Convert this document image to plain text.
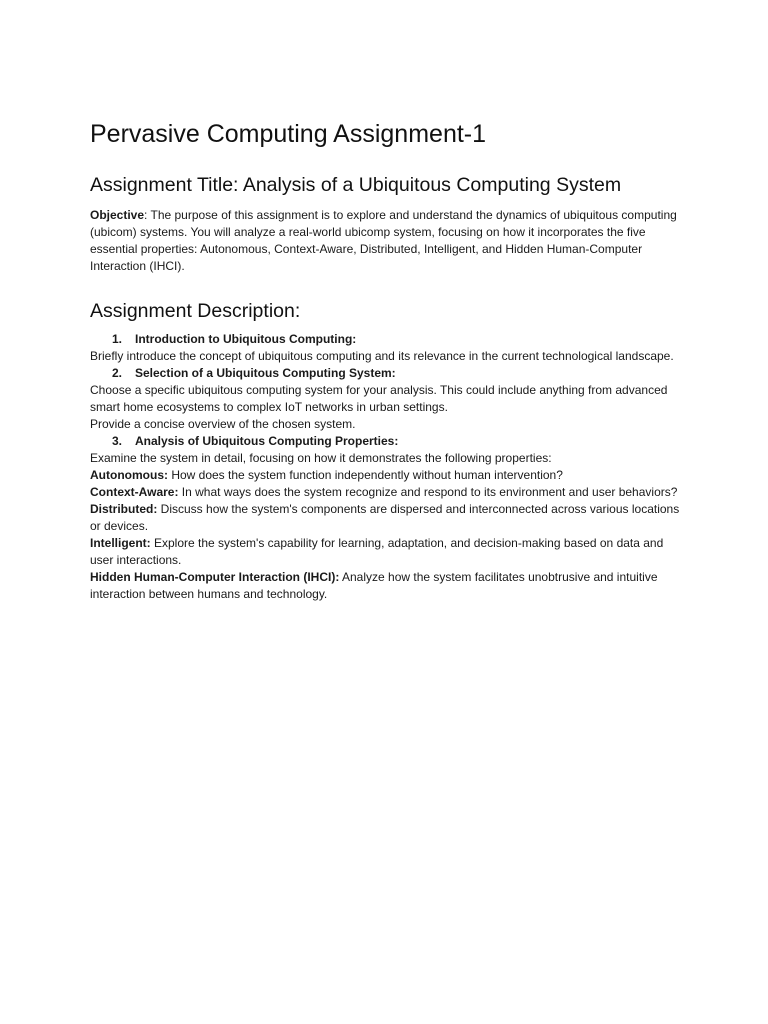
Pervasive Computing Assignment-1
Assignment Title: Analysis of a Ubiquitous Computing System

Objective: The purpose of this assignment is to explore and understand the dynamics of ubiquitous computing (ubicom) systems. You will analyze a real-world ubicomp system, focusing on how it incorporates the five essential properties: Autonomous, Context-Aware, Distributed, Intelligent, and Hidden Human-Computer Interaction (IHCI).

Assignment Description:

1. Introduction to Ubiquitous Computing:

Briefly introduce the concept of ubiquitous computing and its relevance in the current technological landscape.

2. Selection of a Ubiquitous Computing System:

Choose a specific ubiquitous computing system for your analysis. This could include anything from advanced smart home ecosystems to complex IoT networks in urban settings.

Provide a concise overview of the chosen system.

3. Analysis of Ubiquitous Computing Properties:

Examine the system in detail, focusing on how it demonstrates the following properties:

Autonomous: How does the system function independently without human intervention?

Context-Aware: In what ways does the system recognize and respond to its environment and user behaviors?

Distributed: Discuss how the system's components are dispersed and interconnected across various locations or devices.

Intelligent: Explore the system's capability for learning, adaptation, and decision-making based on data and user interactions.

Hidden Human-Computer Interaction (IHCI): Analyze how the system facilitates unobtrusive and intuitive interaction between humans and technology.
